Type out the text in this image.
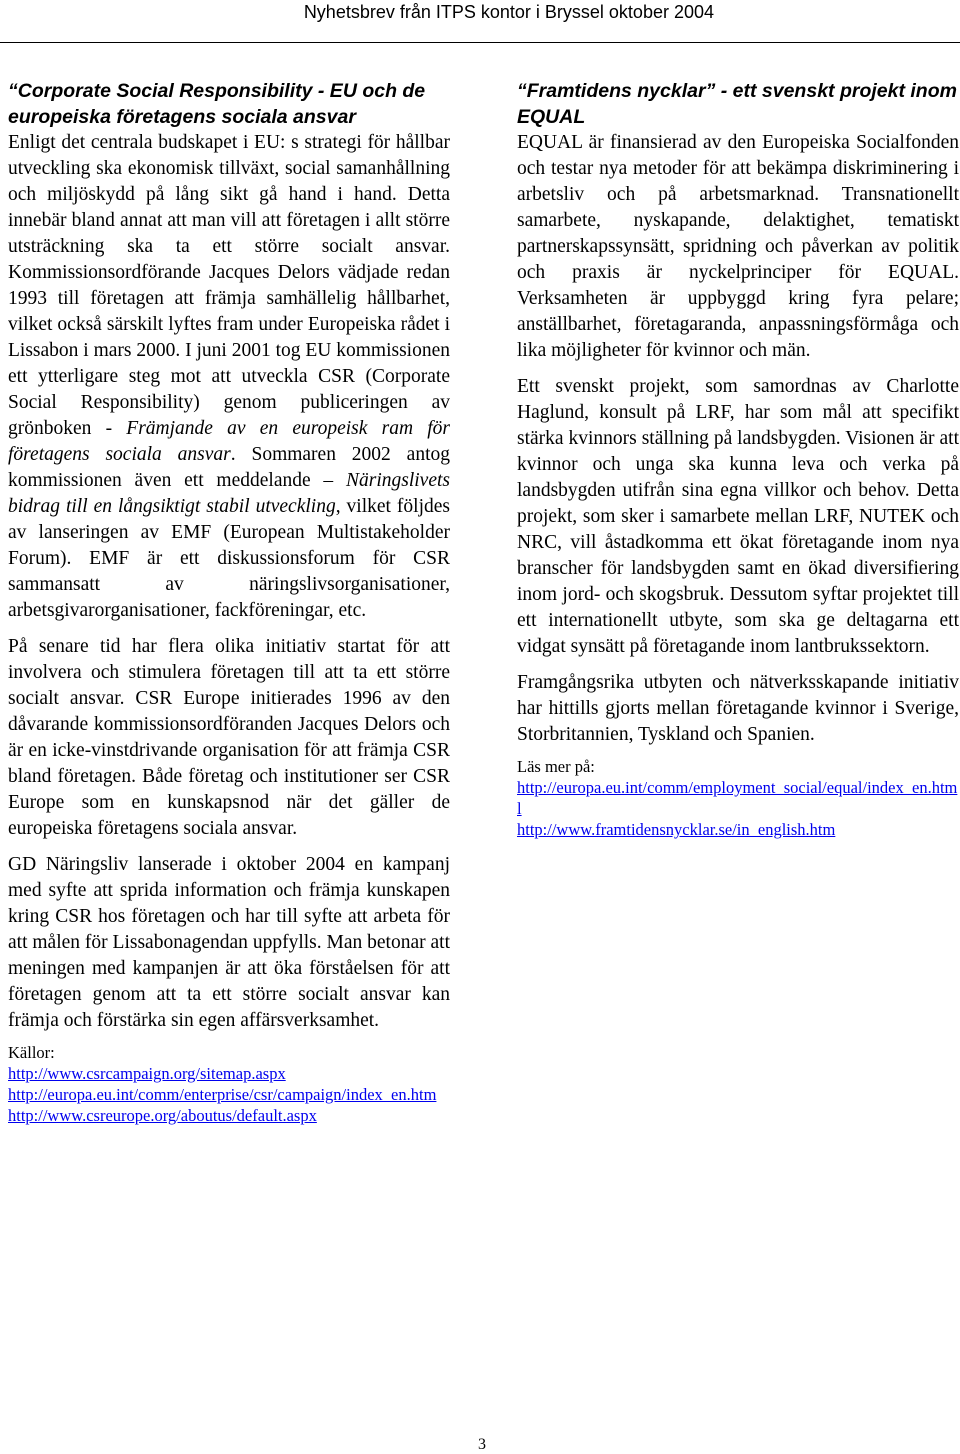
Nyhetsbrev från ITPS kontor i Bryssel oktober 2004
“Corporate Social Responsibility - EU och de europeiska företagens sociala ansvar

Enligt det centrala budskapet i EU: s strategi för hållbar utveckling ska ekonomisk tillväxt, social samanhållning och miljöskydd på lång sikt gå hand i hand. Detta innebär bland annat att man vill att företagen i allt större utsträckning ska ta ett större socialt ansvar. Kommissionsordförande Jacques Delors vädjade redan 1993 till företagen att främja samhällelig hållbarhet, vilket också särskilt lyftes fram under Europeiska rådet i Lissabon i mars 2000. I juni 2001 tog EU kommissionen ett ytterligare steg mot att utveckla CSR (Corporate Social Responsibility) genom publiceringen av grönboken - Främjande av en europeisk ram för företagens sociala ansvar. Sommaren 2002 antog kommissionen även ett meddelande – Näringslivets bidrag till en långsiktigt stabil utveckling, vilket följdes av lanseringen av EMF (European Multistakeholder Forum). EMF är ett diskussionsforum för CSR sammansatt av näringslivsorganisationer, arbetsgivarorganisationer, fackföreningar, etc.

På senare tid har flera olika initiativ startat för att involvera och stimulera företagen till att ta ett större socialt ansvar. CSR Europe initierades 1996 av den dåvarande kommissionsordföranden Jacques Delors och är en icke-vinstdrivande organisation för att främja CSR bland företagen. Både företag och institutioner ser CSR Europe som en kunskapsnod när det gäller de europeiska företagens sociala ansvar.

GD Näringsliv lanserade i oktober 2004 en kampanj med syfte att sprida information och främja kunskapen kring CSR hos företagen och har till syfte att arbeta för att målen för Lissabonagendan uppfylls. Man betonar att meningen med kampanjen är att öka förståelsen för att företagen genom att ta ett större socialt ansvar kan främja och förstärka sin egen affärsverksamhet.

Källor:
http://www.csrcampaign.org/sitemap.aspx
http://europa.eu.int/comm/enterprise/csr/campaign/index_en.htm
http://www.csreurope.org/aboutus/default.aspx
“Framtidens nycklar” - ett svenskt projekt inom EQUAL

EQUAL är finansierad av den Europeiska Socialfonden och testar nya metoder för att bekämpa diskriminering i arbetsliv och på arbetsmarknad. Transnationellt samarbete, nyskapande, delaktighet, tematiskt partnerskapssynsätt, spridning och påverkan av politik och praxis är nyckelprinciper för EQUAL. Verksamheten är uppbyggd kring fyra pelare; anställbarhet, företagaranda, anpassningsförmåga och lika möjligheter för kvinnor och män.

Ett svenskt projekt, som samordnas av Charlotte Haglund, konsult på LRF, har som mål att specifikt stärka kvinnors ställning på landsbygden. Visionen är att kvinnor och unga ska kunna leva och verka på landsbygden utifrån sina egna villkor och behov. Detta projekt, som sker i samarbete mellan LRF, NUTEK och NRC, vill åstadkomma ett ökat företagande inom nya branscher för landsbygden samt en ökad diversifiering inom jord- och skogsbruk. Dessutom syftar projektet till ett internationellt utbyte, som ska ge deltagarna ett vidgat synsätt på företagande inom lantbrukssektorn.

Framgångsrika utbyten och nätverksskapande initiativ har hittills gjorts mellan företagande kvinnor i Sverige, Storbritannien, Tyskland och Spanien.

Läs mer på:
http://europa.eu.int/comm/employment_social/equal/index_en.html
http://www.framtidensnycklar.se/in_english.htm
3
